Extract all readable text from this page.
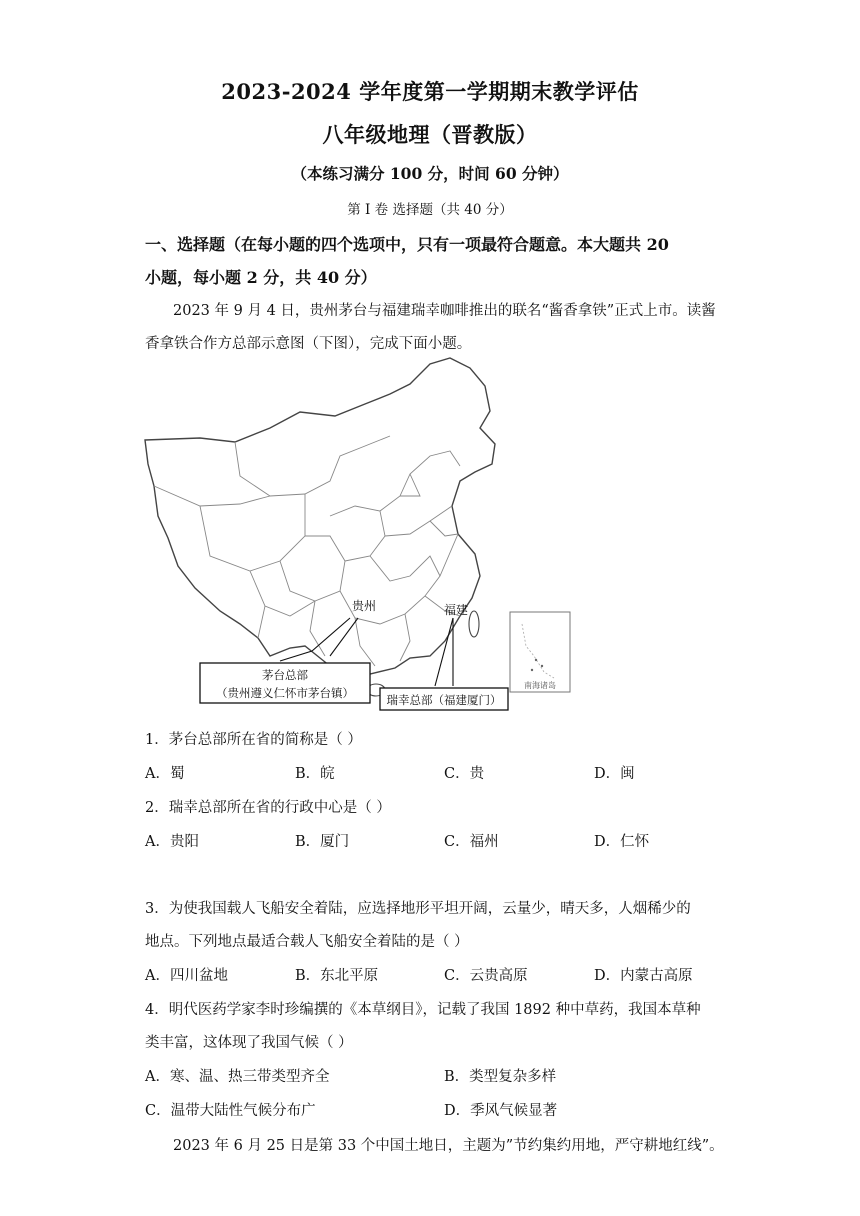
2023-2024 学年度第一学期期末教学评估
八年级地理（晋教版）
（本练习满分 100 分，时间 60 分钟）
第 I 卷 选择题（共 40 分）
一、选择题（在每小题的四个选项中，只有一项最符合题意。本大题共 20
小题，每小题 2 分，共 40 分）
2023 年 9 月 4 日，贵州茅台与福建瑞幸咖啡推出的联名“酱香拿铁”正式上市。读酱
香拿铁合作方总部示意图（下图），完成下面小题。
南海诸岛
贵州	福建
茅台总部
（贵州遵义仁怀市茅台镇）	瑞幸总部（福建厦门）
1．茅台总部所在省的简称是（ ）
A．蜀	B．皖	C．贵	D．闽
2．瑞幸总部所在省的行政中心是（ ）
A．贵阳	B．厦门	C．福州	D．仁怀
3．为使我国载人飞船安全着陆，应选择地形平坦开阔，云量少，晴天多，人烟稀少的
地点。下列地点最适合载人飞船安全着陆的是（ ）
A．四川盆地	B．东北平原	C．云贵高原	D．内蒙古高原
4．明代医药学家李时珍编撰的《本草纲目》，记载了我国 1892 种中草药，我国本草种
类丰富，这体现了我国气候（ ）
A．寒、温、热三带类型齐全	B．类型复杂多样
C．温带大陆性气候分布广	D．季风气候显著
2023 年 6 月 25 日是第 33 个中国土地日，主题为”节约集约用地，严守耕地红线”。
